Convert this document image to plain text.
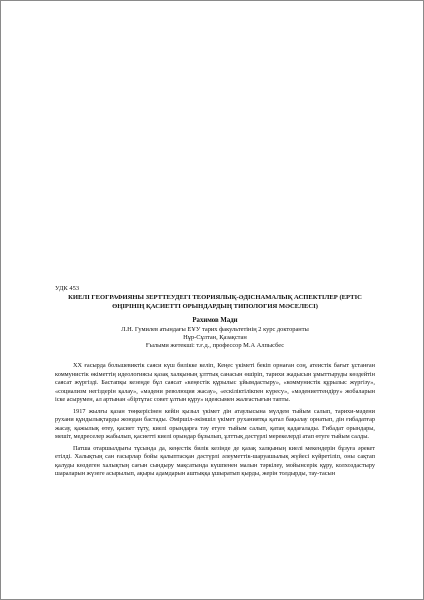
УДК 453
КИЕЛІ ГЕОГРАФИЯНЫ ЗЕРТТЕУДЕГІ ТЕОРИЯЛЫҚ-ӘДІСНАМАЛЫҚ АСПЕКТІЛЕР (ЕРТІС ӨҢІРІНІҢ ҚАСИЕТТІ ОРЫНДАРДЫҢ ТИПОЛОГИЯ МӘСЕЛЕСІ)
Рахимов Мади
Л.Н. Гумилев атындағы ЕҰУ тарих факультетінің 2 курс докторанты
Нұр-Сұлтан, Қазақстан
Ғылыми жетекші: т.ғ.д., профессор М.А Алпысбес

ХХ ғасырда большевиктік саяси күш билікке келіп, Кеңес үкіметі бекіп орнаған соң, атеистік бағыт ұстанған коммунистік өкіметтің идеологиясы қазақ халқының ұлттық санасын өшіріп, тарихи жадысын ұмыттыруды көздейтін саясат жүргізді. Бастапқы кезеңде бұл саясат «кеңестік құрылыс ұйымдастыру», «коммунистік құрылыс жүргізу», «социализм негіздерін қалау», «мәдени революция жасау», «ескіліктілікпен күресу», «мәдениеттендіру» жобаларын іске асырумен, ал артынан «біртұтас совет ұлтын құру» идеясымен жалғастығын тапты.

1917 жылғы қазан төңкерісінен кейін қызыл үкімет дін атаулысына мүлдем тыйым салып, тарихи-мәдени рухани құндылықтарды жоюдан бастады. Әміршіл-әкімшіл үкімет рухaниятқа қатал бақылау орнатып, дін ғибадатғар жасау, қажылық өтеу, қасиет тұту, киелі орындарға тәу етуге тыйым салып, қатаң қадағалады. Ғибадат орындары, мешіт, медреселер жабылып, қасиетті киелі орындар бұзылып, ұлттық дәстүрлі мерекелерді атап өтуге тыйым салды.

Патша отаршылдығы тұсында да, кеңестік билік кезінде де қазақ халқының киелі мекендерін бұзуға әрекет етілді. Халықтың сан ғасырлар бойы қалыптасқан дәстүрлі әлеуметтік-шаруашылық жүйесі күйретіліп, оны сақтап қалуды көздеген халықтың сағын сындыру мақсатында күшпенен малын тәркілеу, мойынсерік құру, колхоздастыру шараларын жүзеге асырылып, ақыры адамдарын аштыққа ұшыратып қырды, жерін толдырды, тау-тасын
